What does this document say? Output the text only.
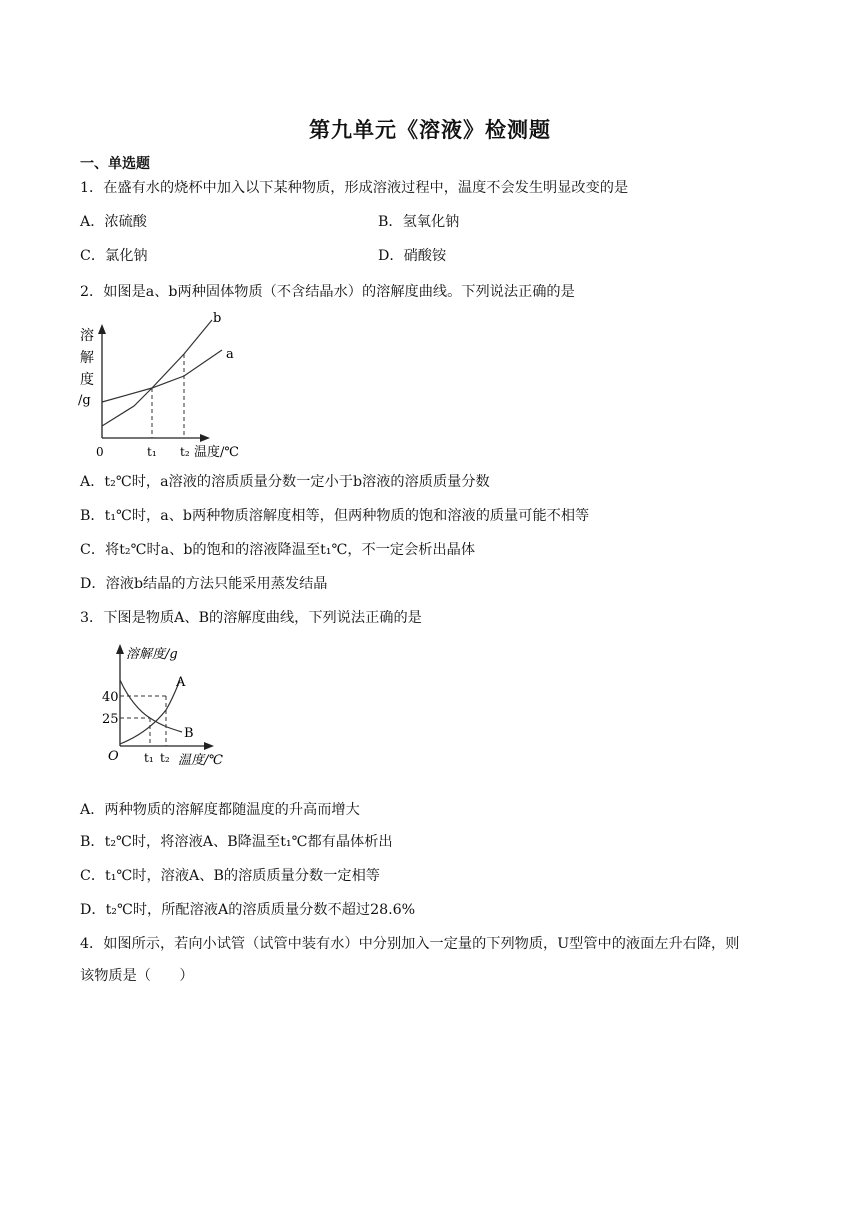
第九单元《溶液》检测题
一、单选题
1．在盛有水的烧杯中加入以下某种物质，形成溶液过程中，温度不会发生明显改变的是
A．浓硫酸	B．氢氧化钠
C．氯化钠	D．硝酸铵
2．如图是a、b两种固体物质（不含结晶水）的溶解度曲线。下列说法正确的是
溶
解
度
/g
b
a
0	t₁ t₂ 温度/℃
A．t₂℃时，a溶液的溶质质量分数一定小于b溶液的溶质质量分数
B．t₁℃时，a、b两种物质溶解度相等，但两种物质的饱和溶液的质量可能不相等
C．将t₂℃时a、b的饱和的溶液降温至t₁℃，不一定会析出晶体
D．溶液b结晶的方法只能采用蒸发结晶
3．下图是物质A、B的溶解度曲线，下列说法正确的是
溶解度/g
40
25
O t₁ t₂ 温度/℃
A
B
A．两种物质的溶解度都随温度的升高而增大
B．t₂℃时，将溶液A、B降温至t₁℃都有晶体析出
C．t₁℃时，溶液A、B的溶质质量分数一定相等
D．t₂℃时，所配溶液A的溶质质量分数不超过28.6%
4．如图所示，若向小试管（试管中装有水）中分别加入一定量的下列物质，U型管中的液面左升右降，则
该物质是（　　）
